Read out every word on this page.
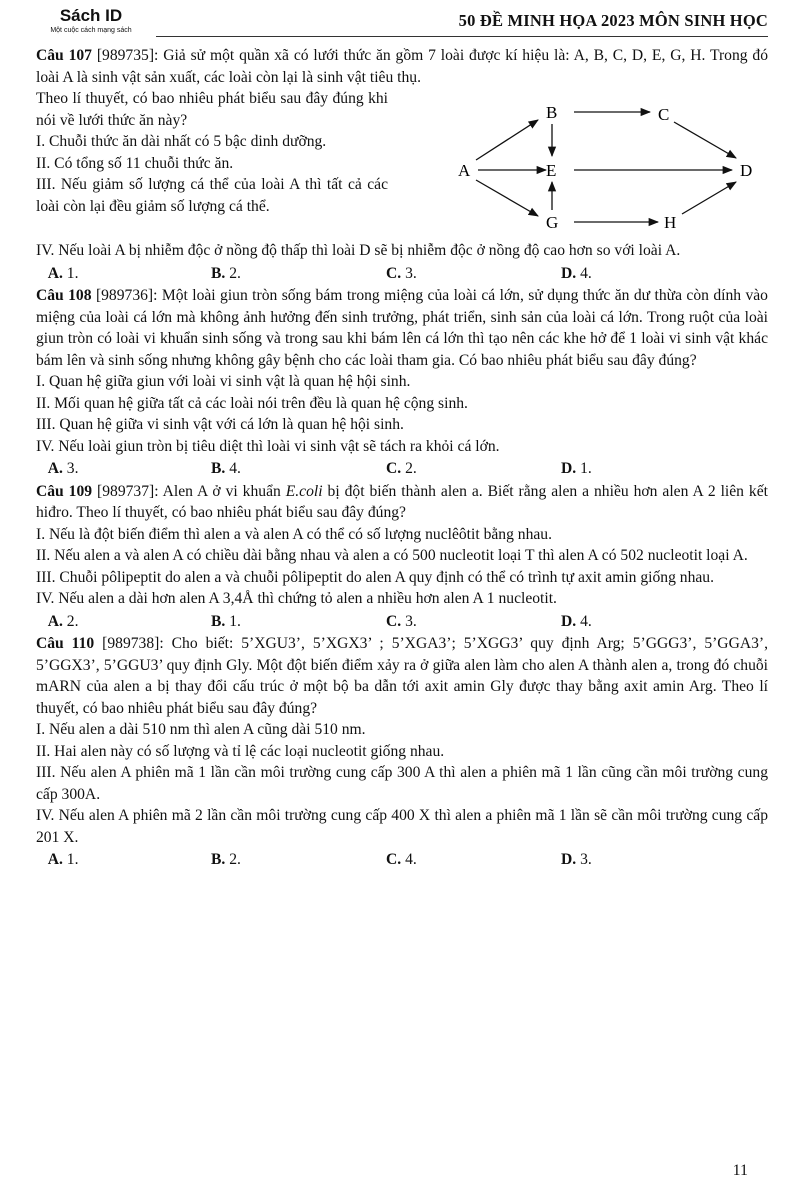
Sách ID
Một cuộc cách mạng sách
50 ĐỀ MINH HỌA 2023 MÔN SINH HỌC

Câu 107 [989735]: Giả sử một quần xã có lưới thức ăn gồm 7 loài được kí hiệu là: A, B, C, D, E, G, H. Trong đó loài A là sinh vật sản xuất, các loài còn lại là sinh vật tiêu thụ.

Theo lí thuyết, có bao nhiêu phát biểu sau đây đúng khi nói về lưới thức ăn này?

I. Chuỗi thức ăn dài nhất có 5 bậc dinh dưỡng.

II. Có tổng số 11 chuỗi thức ăn.

III. Nếu giảm số lượng cá thể của loài A thì tất cả các loài còn lại đều giảm số lượng cá thể.

A
B	C
D
E
G	H

IV. Nếu loài A bị nhiễm độc ở nồng độ thấp thì loài D sẽ bị nhiễm độc ở nồng độ cao hơn so với loài A.

A. 1.	B. 2.	C. 3.	D. 4.

Câu 108 [989736]: Một loài giun tròn sống bám trong miệng của loài cá lớn, sử dụng thức ăn dư thừa còn dính vào miệng của loài cá lớn mà không ảnh hưởng đến sinh trưởng, phát triển, sinh sản của loài cá lớn. Trong ruột của loài giun tròn có loài vi khuẩn sinh sống và trong sau khi bám lên cá lớn thì tạo nên các khe hở để 1 loài vi sinh vật khác bám lên và sinh sống nhưng không gây bệnh cho các loài tham gia. Có bao nhiêu phát biểu sau đây đúng?

I. Quan hệ giữa giun với loài vi sinh vật là quan hệ hội sinh.

II. Mối quan hệ giữa tất cả các loài nói trên đều là quan hệ cộng sinh.

III. Quan hệ giữa vi sinh vật với cá lớn là quan hệ hội sinh.

IV. Nếu loài giun tròn bị tiêu diệt thì loài vi sinh vật sẽ tách ra khỏi cá lớn.

A. 3.	B. 4.	C. 2.	D. 1.

Câu 109 [989737]: Alen A ở vi khuẩn E.coli bị đột biến thành alen a. Biết rằng alen a nhiều hơn alen A 2 liên kết hiđro. Theo lí thuyết, có bao nhiêu phát biểu sau đây đúng?

I. Nếu là đột biến điểm thì alen a và alen A có thể có số lượng nuclêôtit bằng nhau.

II. Nếu alen a và alen A có chiều dài bằng nhau và alen a có 500 nucleotit loại T thì alen A có 502 nucleotit loại A.

III. Chuỗi pôlipeptit do alen a và chuỗi pôlipeptit do alen A quy định có thể có trình tự axit amin giống nhau.

IV. Nếu alen a dài hơn alen A 3,4Å thì chứng tỏ alen a nhiều hơn alen A 1 nucleotit.

A. 2.	B. 1.	C. 3.	D. 4.

Câu 110 [989738]: Cho biết: 5’XGU3’, 5’XGX3’ ; 5’XGA3’; 5’XGG3’ quy định Arg; 5’GGG3’, 5’GGA3’, 5’GGX3’, 5’GGU3’ quy định Gly. Một đột biến điểm xảy ra ở giữa alen làm cho alen A thành alen a, trong đó chuỗi mARN của alen a bị thay đổi cấu trúc ở một bộ ba dẫn tới axit amin Gly được thay bằng axit amin Arg. Theo lí thuyết, có bao nhiêu phát biểu sau đây đúng?

I. Nếu alen a dài 510 nm thì alen A cũng dài 510 nm.

II. Hai alen này có số lượng và tỉ lệ các loại nucleotit giống nhau.

III. Nếu alen A phiên mã 1 lần cần môi trường cung cấp 300 A thì alen a phiên mã 1 lần cũng cần môi trường cung cấp 300A.

IV. Nếu alen A phiên mã 2 lần cần môi trường cung cấp 400 X thì alen a phiên mã 1 lần sẽ cần môi trường cung cấp 201 X.

A. 1.	B. 2.	C. 4.	D. 3.
11
